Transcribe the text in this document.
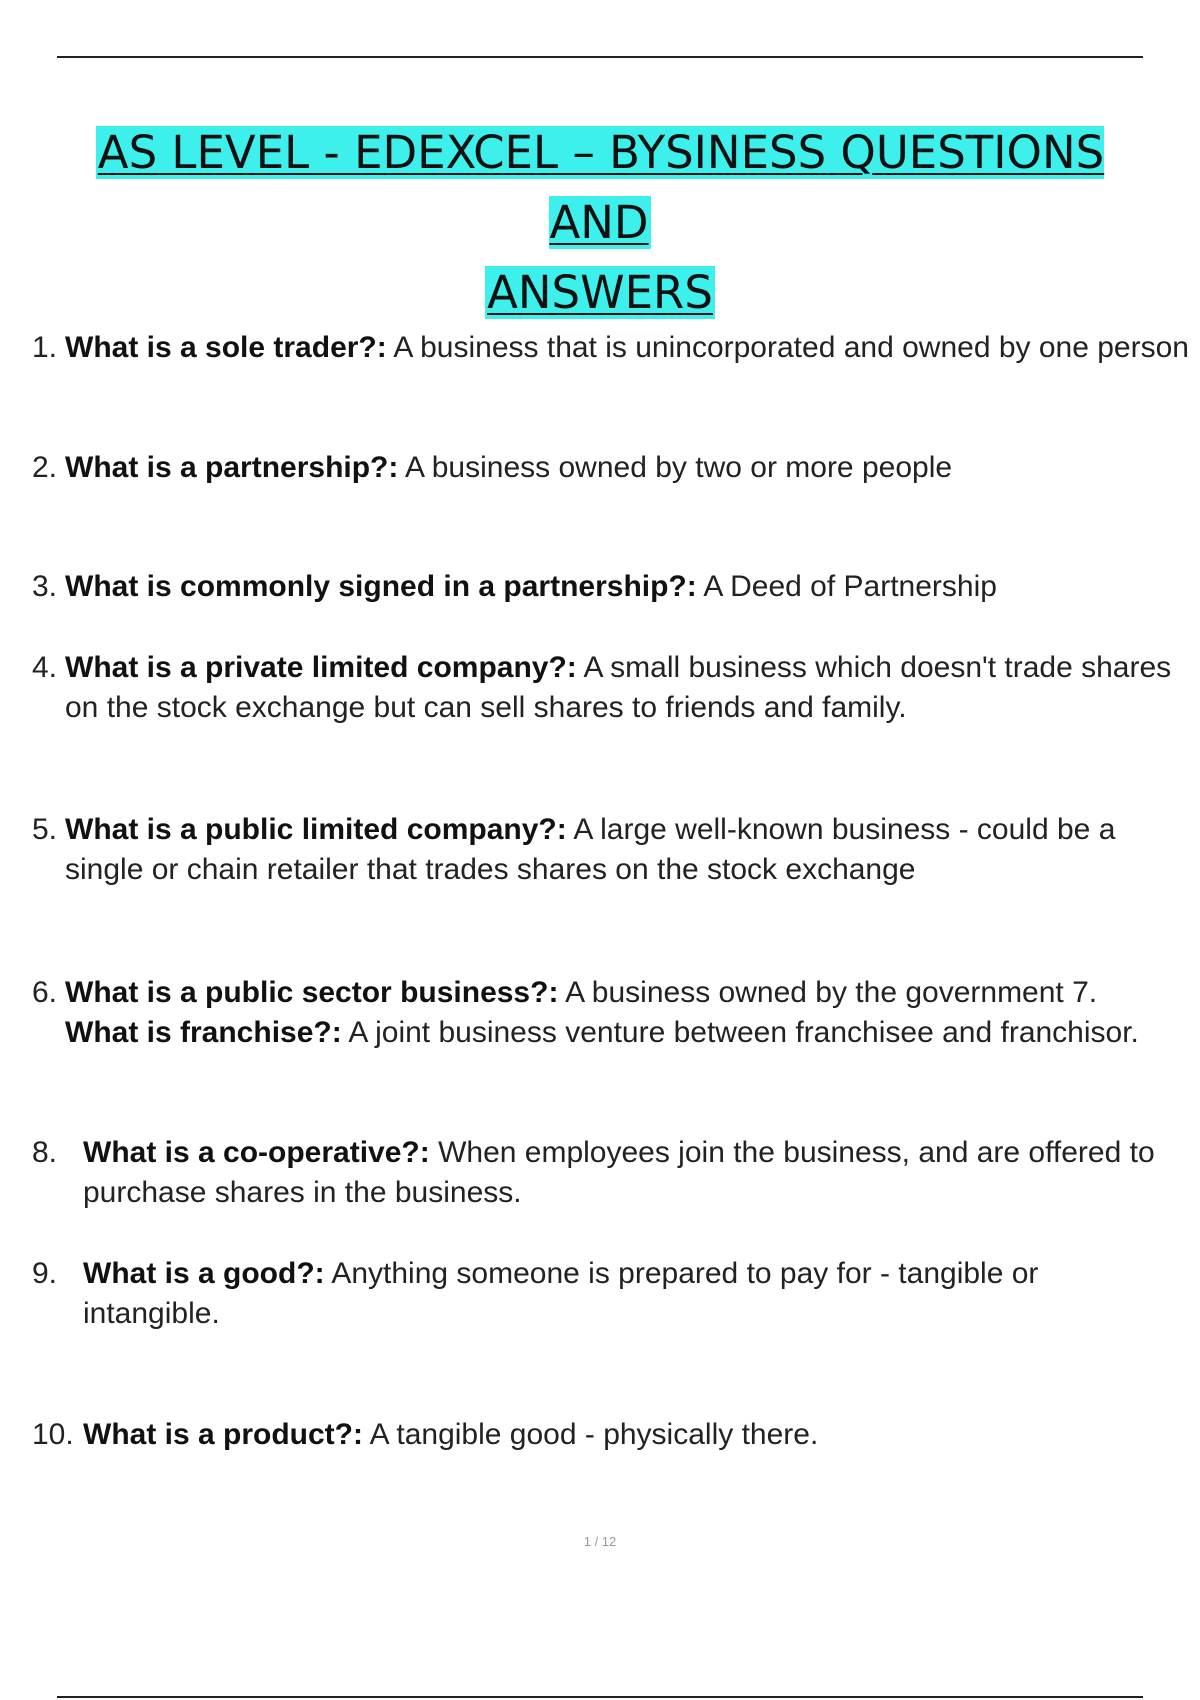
AS LEVEL - EDEXCEL – BYSINESS QUESTIONS AND
ANSWERS
1. What is a sole trader?: A business that is unincorporated and owned by one person
2. What is a partnership?: A business owned by two or more people
3. What is commonly signed in a partnership?: A Deed of Partnership
4. What is a private limited company?: A small business which doesn't trade shares on the stock exchange but can sell shares to friends and family.
5. What is a public limited company?: A large well-known business - could be a single or chain retailer that trades shares on the stock exchange
6. What is a public sector business?: A business owned by the government 7.
What is franchise?: A joint business venture between franchisee and franchisor.
8. What is a co-operative?: When employees join the business, and are offered to purchase shares in the business.
9. What is a good?: Anything someone is prepared to pay for - tangible or intangible.
10. What is a product?: A tangible good - physically there.
1 / 12
